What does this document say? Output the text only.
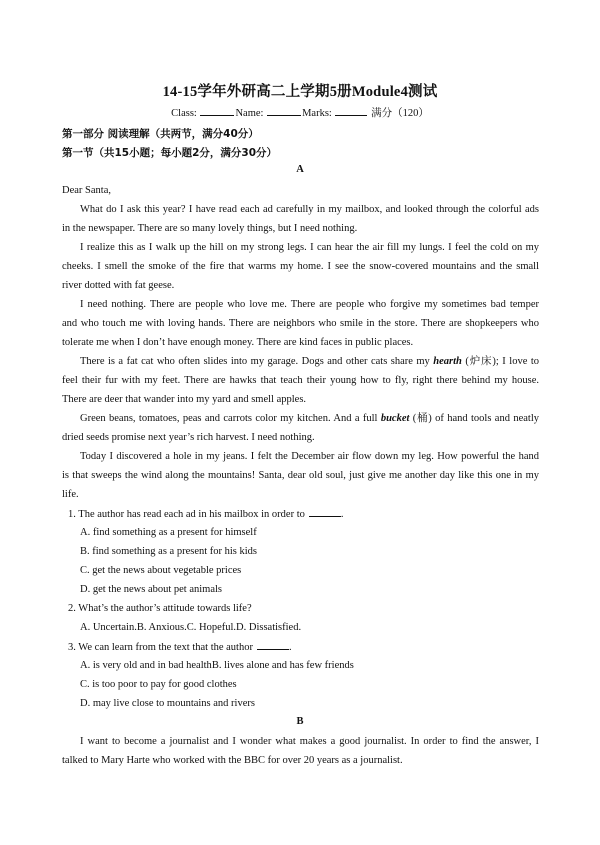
14-15学年外研高二上学期5册Module4测试
Class:	Name:	Marks:	满分（120）
第一部分 阅读理解（共两节，满分40分）
第一节（共15小题；每小题2分，满分30分）
A
Dear Santa,
What do I ask this year? I have read each ad carefully in my mailbox, and looked through the colorful ads
in the newspaper. There are so many lovely things, but I need nothing.
I realize this as I walk up the hill on my strong legs. I can hear the air fill my lungs. I feel the cold on my
cheeks. I smell the smoke of the fire that warms my home. I see the snow-covered mountains and the small
river dotted with fat geese.
I need nothing. There are people who love me. There are people who forgive my sometimes bad temper
and who touch me with loving hands. There are neighbors who smile in the store. There are shopkeepers who
tolerate me when I don’t have enough money. There are kind faces in public places.
There is a fat cat who often slides into my garage. Dogs and other cats share my hearth (炉床); I love to
feel their fur with my feet. There are hawks that teach their young how to fly, right there behind my house.
There are deer that wander into my yard and smell apples.
Green beans, tomatoes, peas and carrots color my kitchen. And a full bucket (桶) of hand tools and neatly
dried seeds promise next year’s rich harvest. I need nothing.
Today I discovered a hole in my jeans. I felt the December air flow down my leg. How powerful the hand
is that sweeps the wind along the mountains! Santa, dear old soul, just give me another day like this one in my
life.
1. The author has read each ad in his mailbox in order to	.
A. find something as a present for himself
B. find something as a present for his kids
C. get the news about vegetable prices
D. get the news about pet animals
2. What’s the author’s attitude towards life?
A. Uncertain.B. Anxious.C. Hopeful.D. Dissatisfied.
3. We can learn from the text that the author	.
A. is very old and in bad healthB. lives alone and has few friends
C. is too poor to pay for good clothes
D. may live close to mountains and rivers
B
I want to become a journalist and I wonder what makes a good journalist. In order to find the answer, I
talked to Mary Harte who worked with the BBC for over 20 years as a journalist.
